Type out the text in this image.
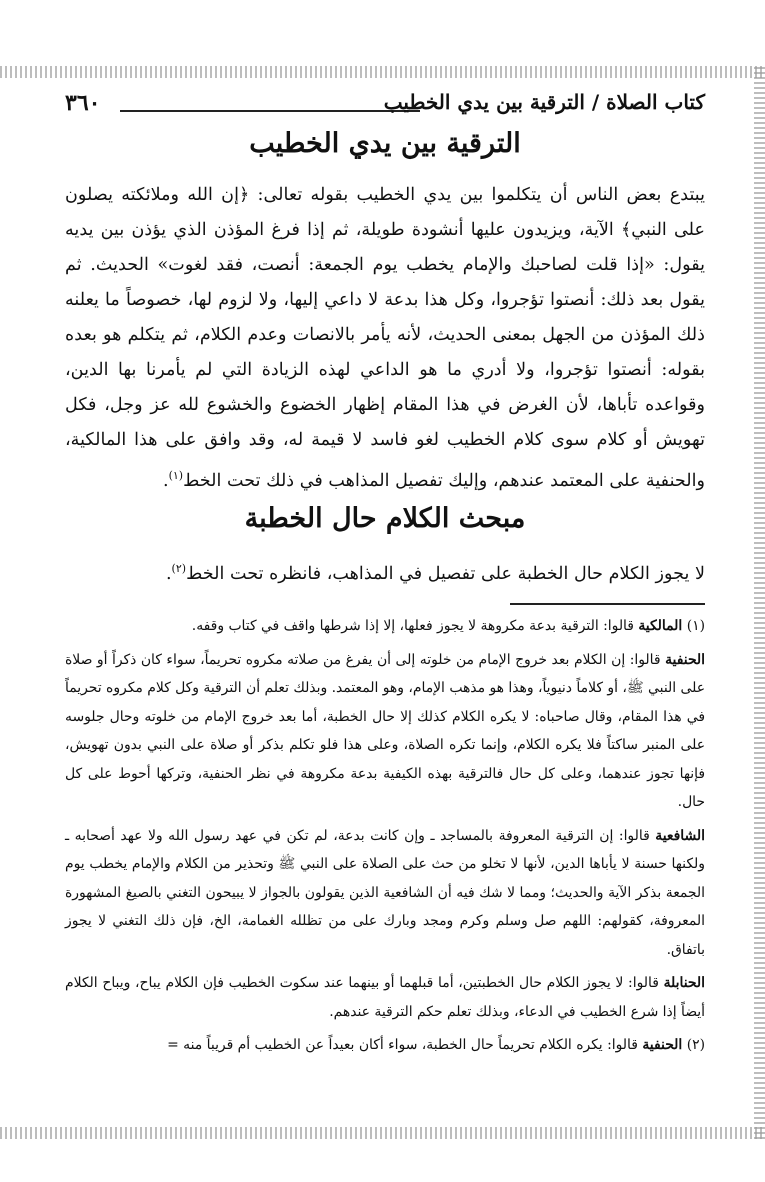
٣٦٠	كتاب الصلاة / الترقية بين يدي الخطيب
الترقية بين يدي الخطيب
يبتدع بعض الناس أن يتكلموا بين يدي الخطيب بقوله تعالى: ﴿إن الله وملائكته يصلون على النبي﴾ الآية، ويزيدون عليها أنشودة طويلة، ثم إذا فرغ المؤذن الذي يؤذن بين يديه يقول: «إذا قلت لصاحبك والإمام يخطب يوم الجمعة: أنصت، فقد لغوت» الحديث. ثم يقول بعد ذلك: أنصتوا تؤجروا، وكل هذا بدعة لا داعي إليها، ولا لزوم لها، خصوصاً ما يعلنه ذلك المؤذن من الجهل بمعنى الحديث، لأنه يأمر بالانصات وعدم الكلام، ثم يتكلم هو بعده بقوله: أنصتوا تؤجروا، ولا أدري ما هو الداعي لهذه الزيادة التي لم يأمرنا بها الدين، وقواعده تأباها، لأن الغرض في هذا المقام إظهار الخضوع والخشوع لله عز وجل، فكل تهويش أو كلام سوى كلام الخطيب لغو فاسد لا قيمة له، وقد وافق على هذا المالكية، والحنفية على المعتمد عندهم، وإليك تفصيل المذاهب في ذلك تحت الخط$^{(١)}$.
مبحث الكلام حال الخطبة
لا يجوز الكلام حال الخطبة على تفصيل في المذاهب، فانظره تحت الخط$^{(٢)}$.

(١) المالكية قالوا: الترقية بدعة مكروهة لا يجوز فعلها، إلا إذا شرطها واقف في كتاب وقفه.

الحنفية قالوا: إن الكلام بعد خروج الإمام من خلوته إلى أن يفرغ من صلاته مكروه تحريماً، سواء كان ذكراً أو صلاة على النبي ﷺ، أو كلاماً دنيوياً، وهذا هو مذهب الإمام، وهو المعتمد. وبذلك تعلم أن الترقية وكل كلام مكروه تحريماً في هذا المقام، وقال صاحباه: لا يكره الكلام كذلك إلا حال الخطبة، أما بعد خروج الإمام من خلوته وحال جلوسه على المنبر ساكتاً فلا يكره الكلام، وإنما تكره الصلاة، وعلى هذا فلو تكلم بذكر أو صلاة على النبي بدون تهويش، فإنها تجوز عندهما، وعلى كل حال فالترقية بهذه الكيفية بدعة مكروهة في نظر الحنفية، وتركها أحوط على كل حال.

الشافعية قالوا: إن الترقية المعروفة بالمساجد ـ وإن كانت بدعة، لم تكن في عهد رسول الله ولا عهد أصحابه ـ ولكنها حسنة لا يأباها الدين، لأنها لا تخلو من حث على الصلاة على النبي ﷺ وتحذير من الكلام والإمام يخطب يوم الجمعة بذكر الآية والحديث؛ ومما لا شك فيه أن الشافعية الذين يقولون بالجواز لا يبيحون التغني بالصيغ المشهورة المعروفة، كقولهم: اللهم صل وسلم وكرم ومجد وبارك على من تظلله الغمامة، الخ، فإن ذلك التغني لا يجوز باتفاق.

الحنابلة قالوا: لا يجوز الكلام حال الخطبتين، أما قبلهما أو بينهما عند سكوت الخطيب فإن الكلام يباح، ويباح الكلام أيضاً إذا شرع الخطيب في الدعاء، وبذلك تعلم حكم الترقية عندهم.

(٢) الحنفية قالوا: يكره الكلام تحريماً حال الخطبة، سواء أكان بعيداً عن الخطيب أم قريباً منه =
